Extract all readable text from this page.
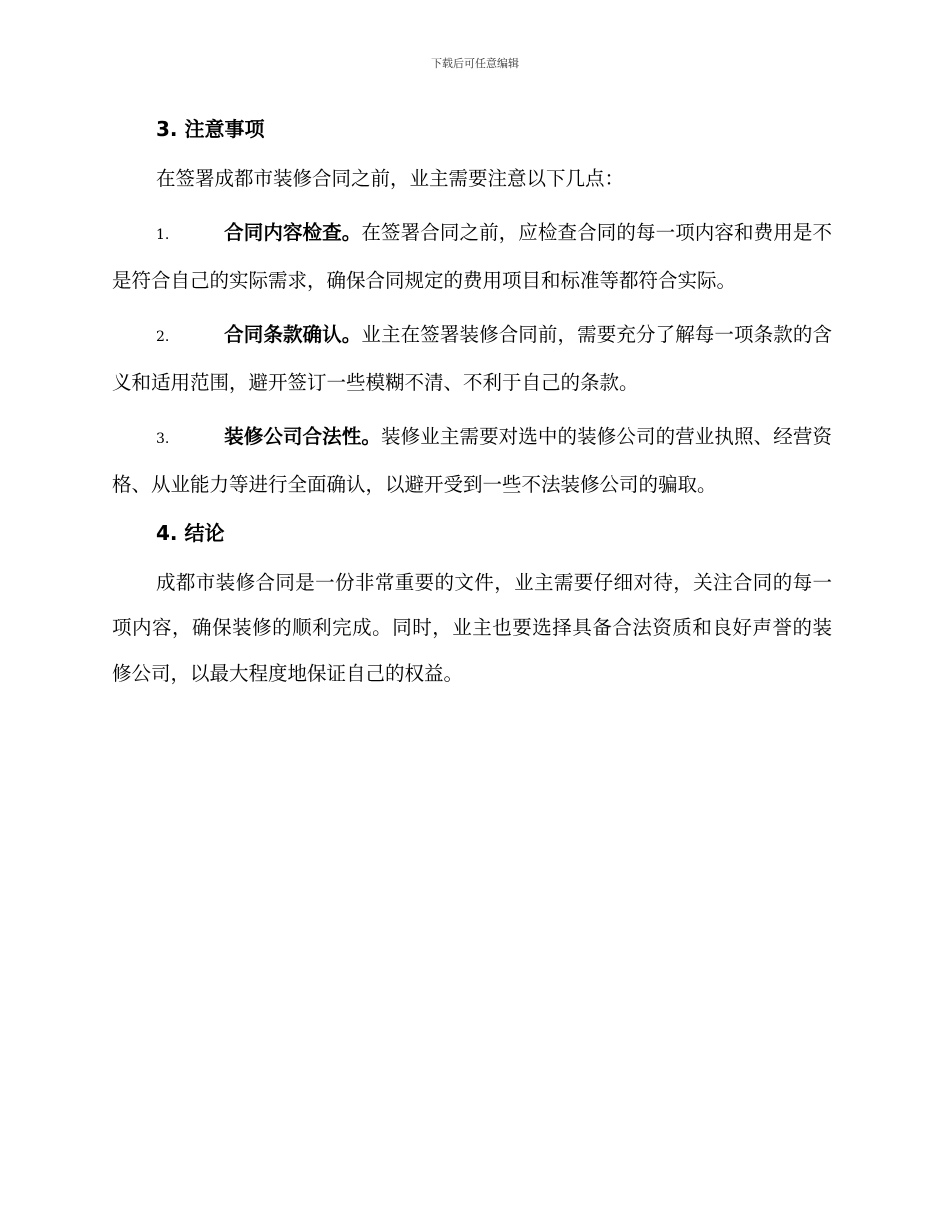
下载后可任意编辑
3. 注意事项

在签署成都市装修合同之前，业主需要注意以下几点：

1.	合同内容检查。在签署合同之前，应检查合同的每一项内容和费用是不是符合自己的实际需求，确保合同规定的费用项目和标准等都符合实际。

2.	合同条款确认。业主在签署装修合同前，需要充分了解每一项条款的含义和适用范围，避开签订一些模糊不清、不利于自己的条款。

3.	装修公司合法性。装修业主需要对选中的装修公司的营业执照、经营资格、从业能力等进行全面确认，以避开受到一些不法装修公司的骗取。

4. 结论

成都市装修合同是一份非常重要的文件，业主需要仔细对待，关注合同的每一项内容，确保装修的顺利完成。同时，业主也要选择具备合法资质和良好声誉的装修公司，以最大程度地保证自己的权益。
